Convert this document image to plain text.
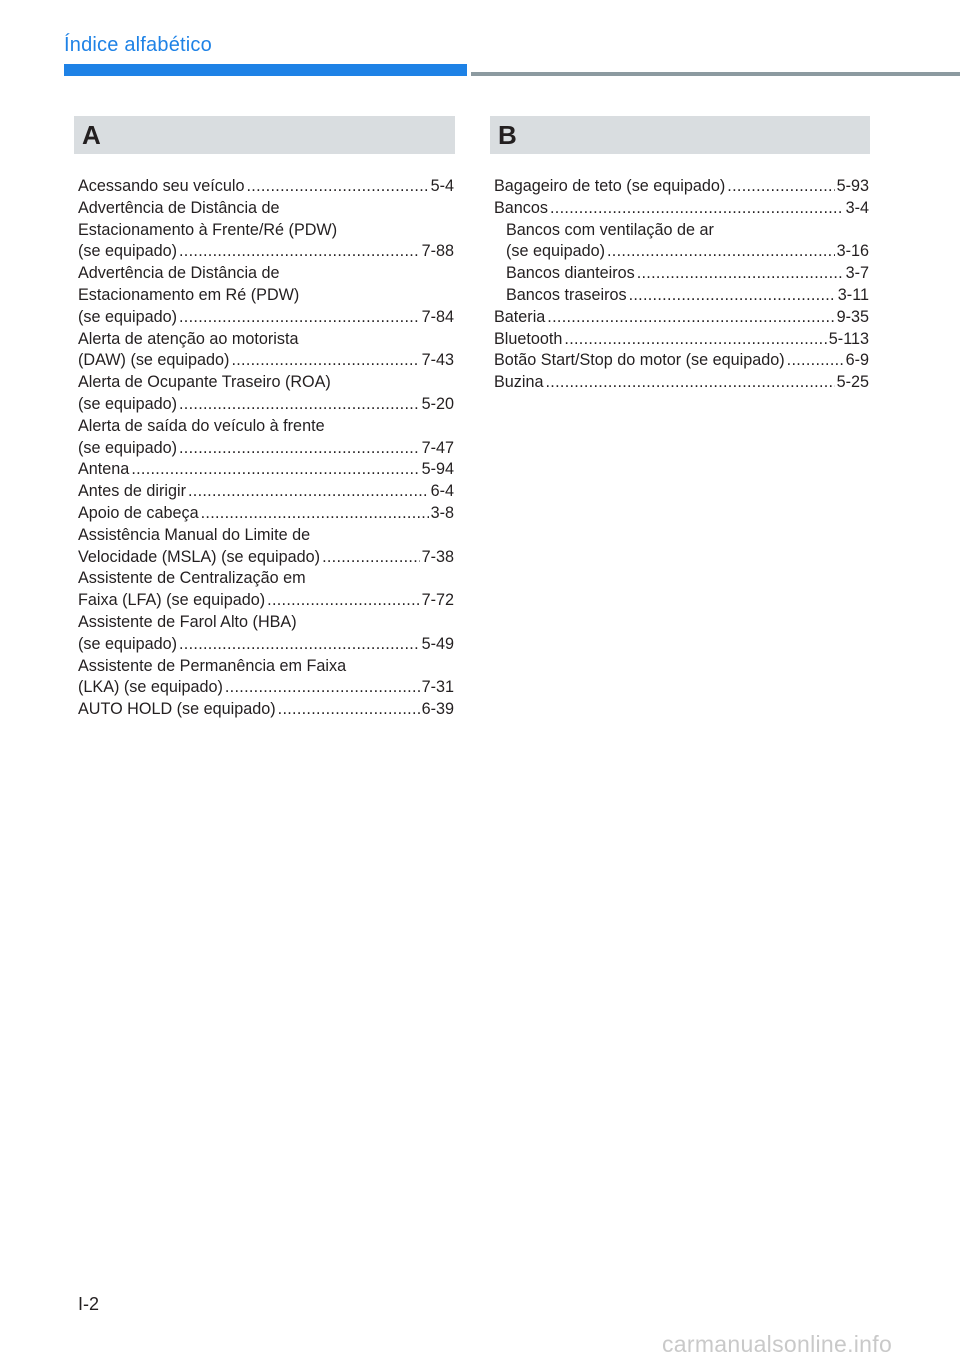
Índice alfabético
A
Acessando seu veículo .....	5-4
Advertência de Distância de
Estacionamento à Frente/Ré (PDW)
(se equipado) .....	7-88
Advertência de Distância de
Estacionamento em Ré (PDW)
(se equipado) .....	7-84
Alerta de atenção ao motorista
(DAW) (se equipado) .....	7-43
Alerta de Ocupante Traseiro (ROA)
(se equipado) .....	5-20
Alerta de saída do veículo à frente
(se equipado) .....	7-47
Antena .....	5-94
Antes de dirigir .....	6-4
Apoio de cabeça .....	3-8
Assistência Manual do Limite de
Velocidade (MSLA) (se equipado) .....	7-38
Assistente de Centralização em
Faixa (LFA) (se equipado) .....	7-72
Assistente de Farol Alto (HBA)
(se equipado) .....	5-49
Assistente de Permanência em Faixa
(LKA) (se equipado) .....	7-31
AUTO HOLD (se equipado) .....	6-39
B
Bagageiro de teto (se equipado) .....	5-93
Bancos .....	3-4
Bancos com ventilação de ar
(se equipado) .....	3-16
Bancos dianteiros .....	3-7
Bancos traseiros .....	3-11
Bateria .....	9-35
Bluetooth .....	5-113
Botão Start/Stop do motor (se equipado) .....	6-9
Buzina .....	5-25
I-2
carmanualsonline.info
